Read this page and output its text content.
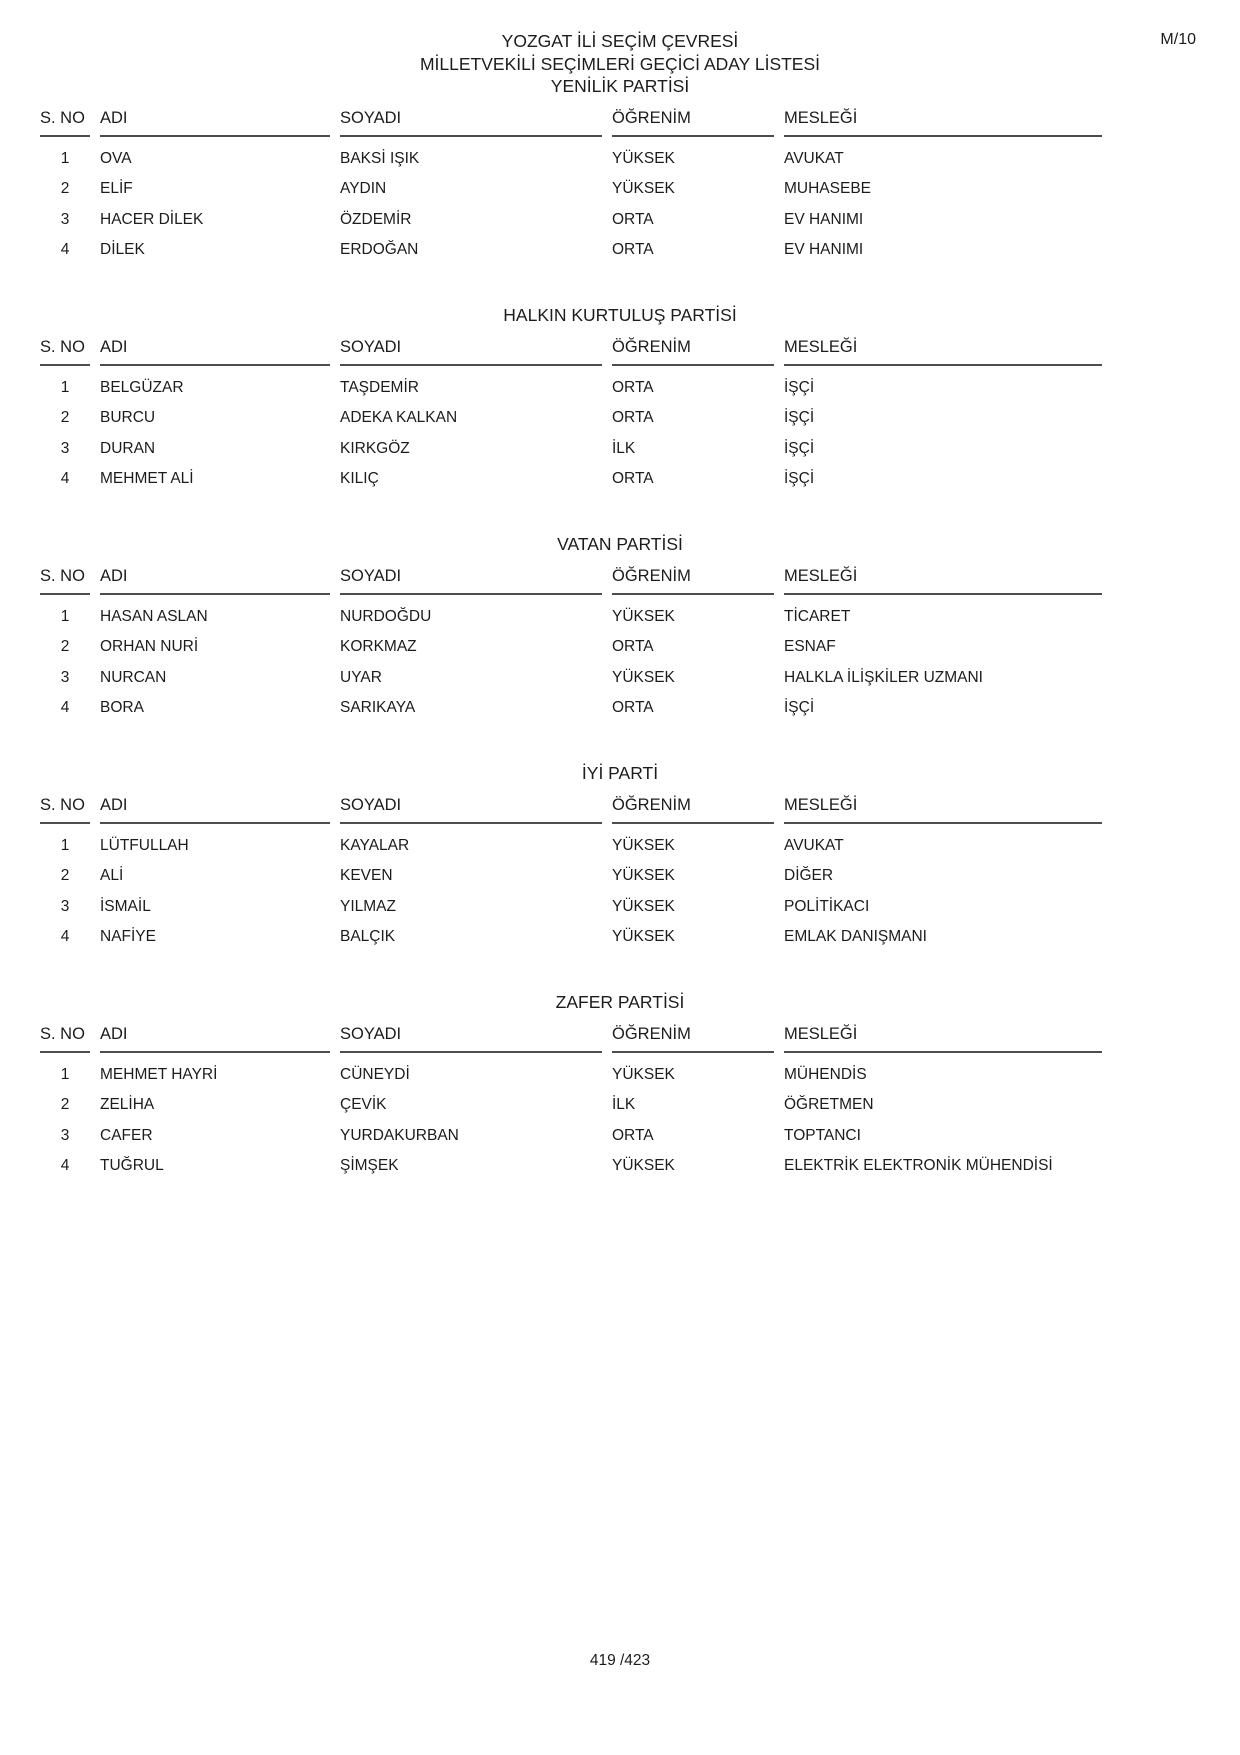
M/10
YOZGAT İLİ SEÇİM ÇEVRESİ
MİLLETVEKİLİ SEÇİMLERİ GEÇİCİ ADAY LİSTESİ
YENİLİK PARTİSİ
S. NO	ADI	SOYADI	ÖĞRENİM	MESLEĞİ
1	OVA	BAKSİ IŞIK	YÜKSEK	AVUKAT
2	ELİF	AYDIN	YÜKSEK	MUHASEBE
3	HACER DİLEK	ÖZDEMİR	ORTA	EV HANIMI
4	DİLEK	ERDOĞAN	ORTA	EV HANIMI
HALKIN KURTULUŞ PARTİSİ
S. NO	ADI	SOYADI	ÖĞRENİM	MESLEĞİ
1	BELGÜZAR	TAŞDEMİR	ORTA	İŞÇİ
2	BURCU	ADEKA KALKAN	ORTA	İŞÇİ
3	DURAN	KIRKGÖZ	İLK	İŞÇİ
4	MEHMET ALİ	KILIÇ	ORTA	İŞÇİ
VATAN PARTİSİ
S. NO	ADI	SOYADI	ÖĞRENİM	MESLEĞİ
1	HASAN ASLAN	NURDOĞDU	YÜKSEK	TİCARET
2	ORHAN NURİ	KORKMAZ	ORTA	ESNAF
3	NURCAN	UYAR	YÜKSEK	HALKLA İLİŞKİLER UZMANI
4	BORA	SARIKAYA	ORTA	İŞÇİ
İYİ PARTİ
S. NO	ADI	SOYADI	ÖĞRENİM	MESLEĞİ
1	LÜTFULLAH	KAYALAR	YÜKSEK	AVUKAT
2	ALİ	KEVEN	YÜKSEK	DİĞER
3	İSMAİL	YILMAZ	YÜKSEK	POLİTİKACI
4	NAFİYE	BALÇIK	YÜKSEK	EMLAK DANIŞMANI
ZAFER PARTİSİ
S. NO	ADI	SOYADI	ÖĞRENİM	MESLEĞİ
1	MEHMET HAYRİ	CÜNEYDİ	YÜKSEK	MÜHENDİS
2	ZELİHA	ÇEVİK	İLK	ÖĞRETMEN
3	CAFER	YURDAKURBAN	ORTA	TOPTANCI
4	TUĞRUL	ŞİMŞEK	YÜKSEK	ELEKTRİK ELEKTRONİK MÜHENDİSİ
419 /423
